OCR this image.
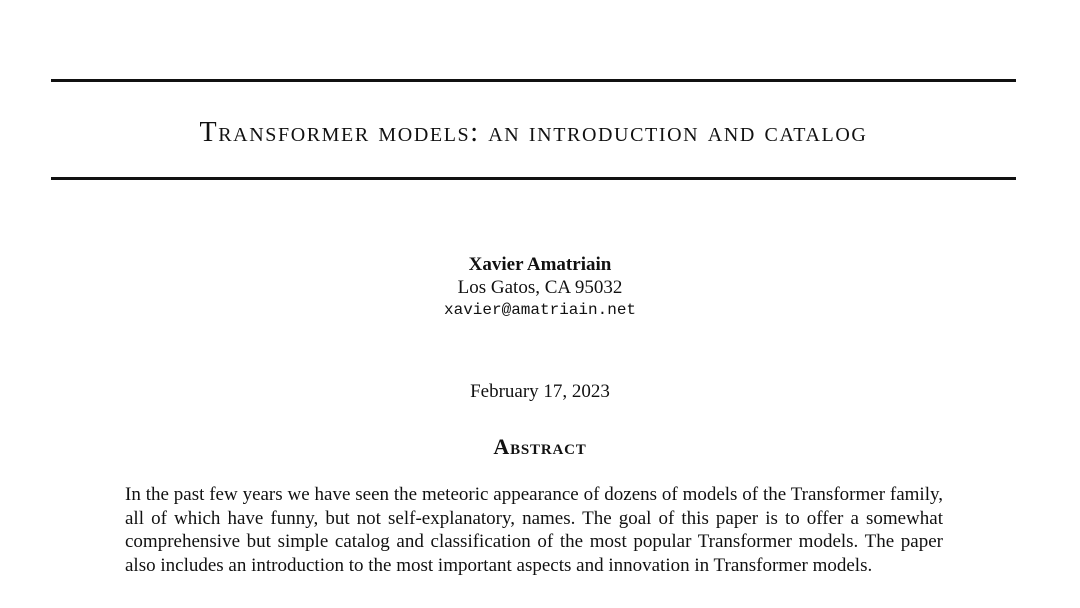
Transformer models: an introduction and catalog
Xavier Amatriain
Los Gatos, CA 95032
xavier@amatriain.net
February 17, 2023
Abstract
In the past few years we have seen the meteoric appearance of dozens of models of the Transformer family, all of which have funny, but not self-explanatory, names. The goal of this paper is to offer a somewhat comprehensive but simple catalog and classification of the most popular Transformer models. The paper also includes an introduction to the most important aspects and innovation in Transformer models.
